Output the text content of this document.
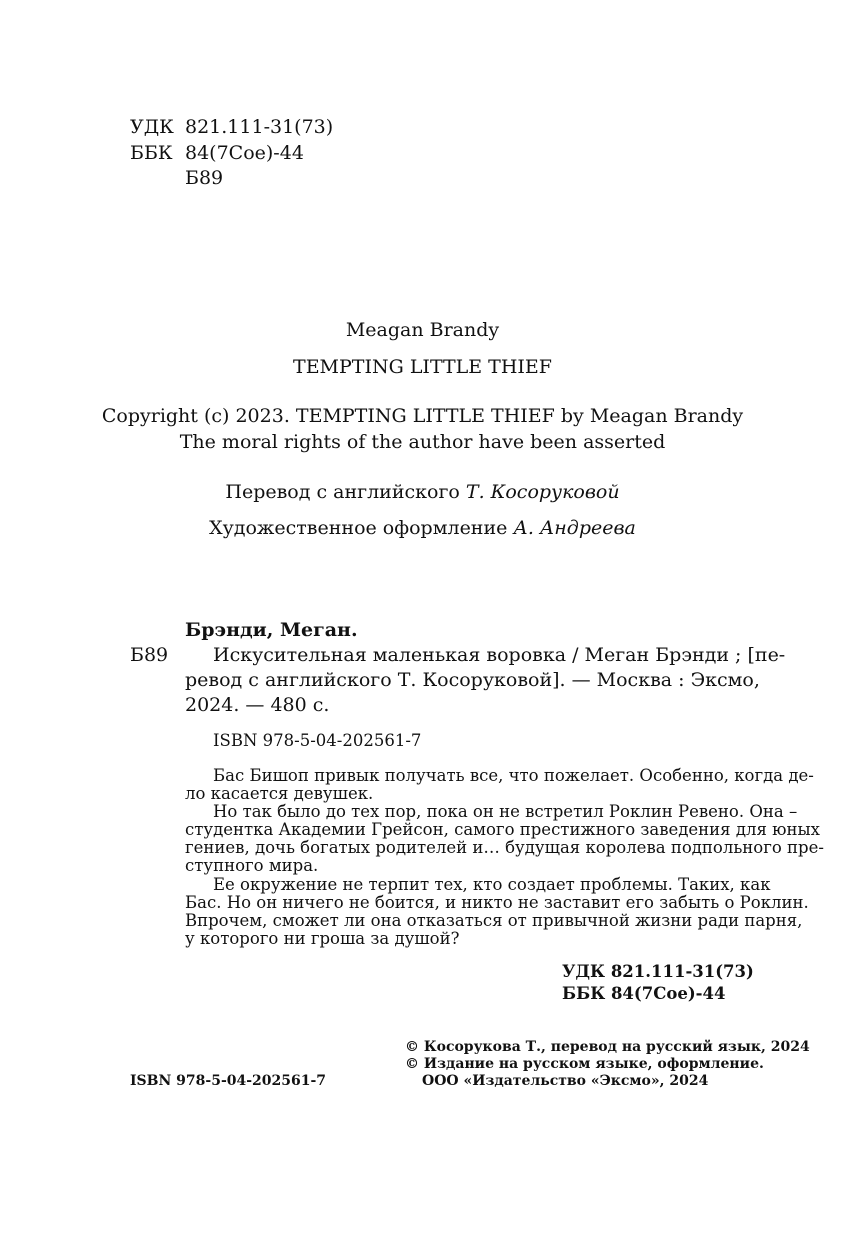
УДК 821.111-31(73)
ББК 84(7Сое)-44
Б89
Meagan Brandy
TEMPTING LITTLE THIEF
Copyright (c) 2023. TEMPTING LITTLE THIEF by Meagan Brandy
The moral rights of the author have been asserted
Перевод с английского Т. Косоруковой
Художественное оформление А. Андреева
Брэнди, Меган.
Б89 Искусительная маленькая воровка / Меган Брэнди ; [пе-
ревод с английского Т. Косоруковой]. — Москва : Эксмо,
2024. — 480 с.
ISBN 978-5-04-202561-7
Бас Бишоп привык получать все, что пожелает. Особенно, когда де-
ло касается девушек.
Но так было до тех пор, пока он не встретил Роклин Ревено. Она –
студентка Академии Грейсон, самого престижного заведения для юных
гениев, дочь богатых родителей и… будущая королева подпольного пре-
ступного мира.
Ее окружение не терпит тех, кто создает проблемы. Таких, как
Бас. Но он ничего не боится, и никто не заставит его забыть о Роклин.
Впрочем, сможет ли она отказаться от привычной жизни ради парня,
у которого ни гроша за душой?
УДК 821.111-31(73)
ББК 84(7Сое)-44
ISBN 978-5-04-202561-7
© Косорукова Т., перевод на русский язык, 2024
© Издание на русском языке, оформление.
ООО «Издательство «Эксмо», 2024
